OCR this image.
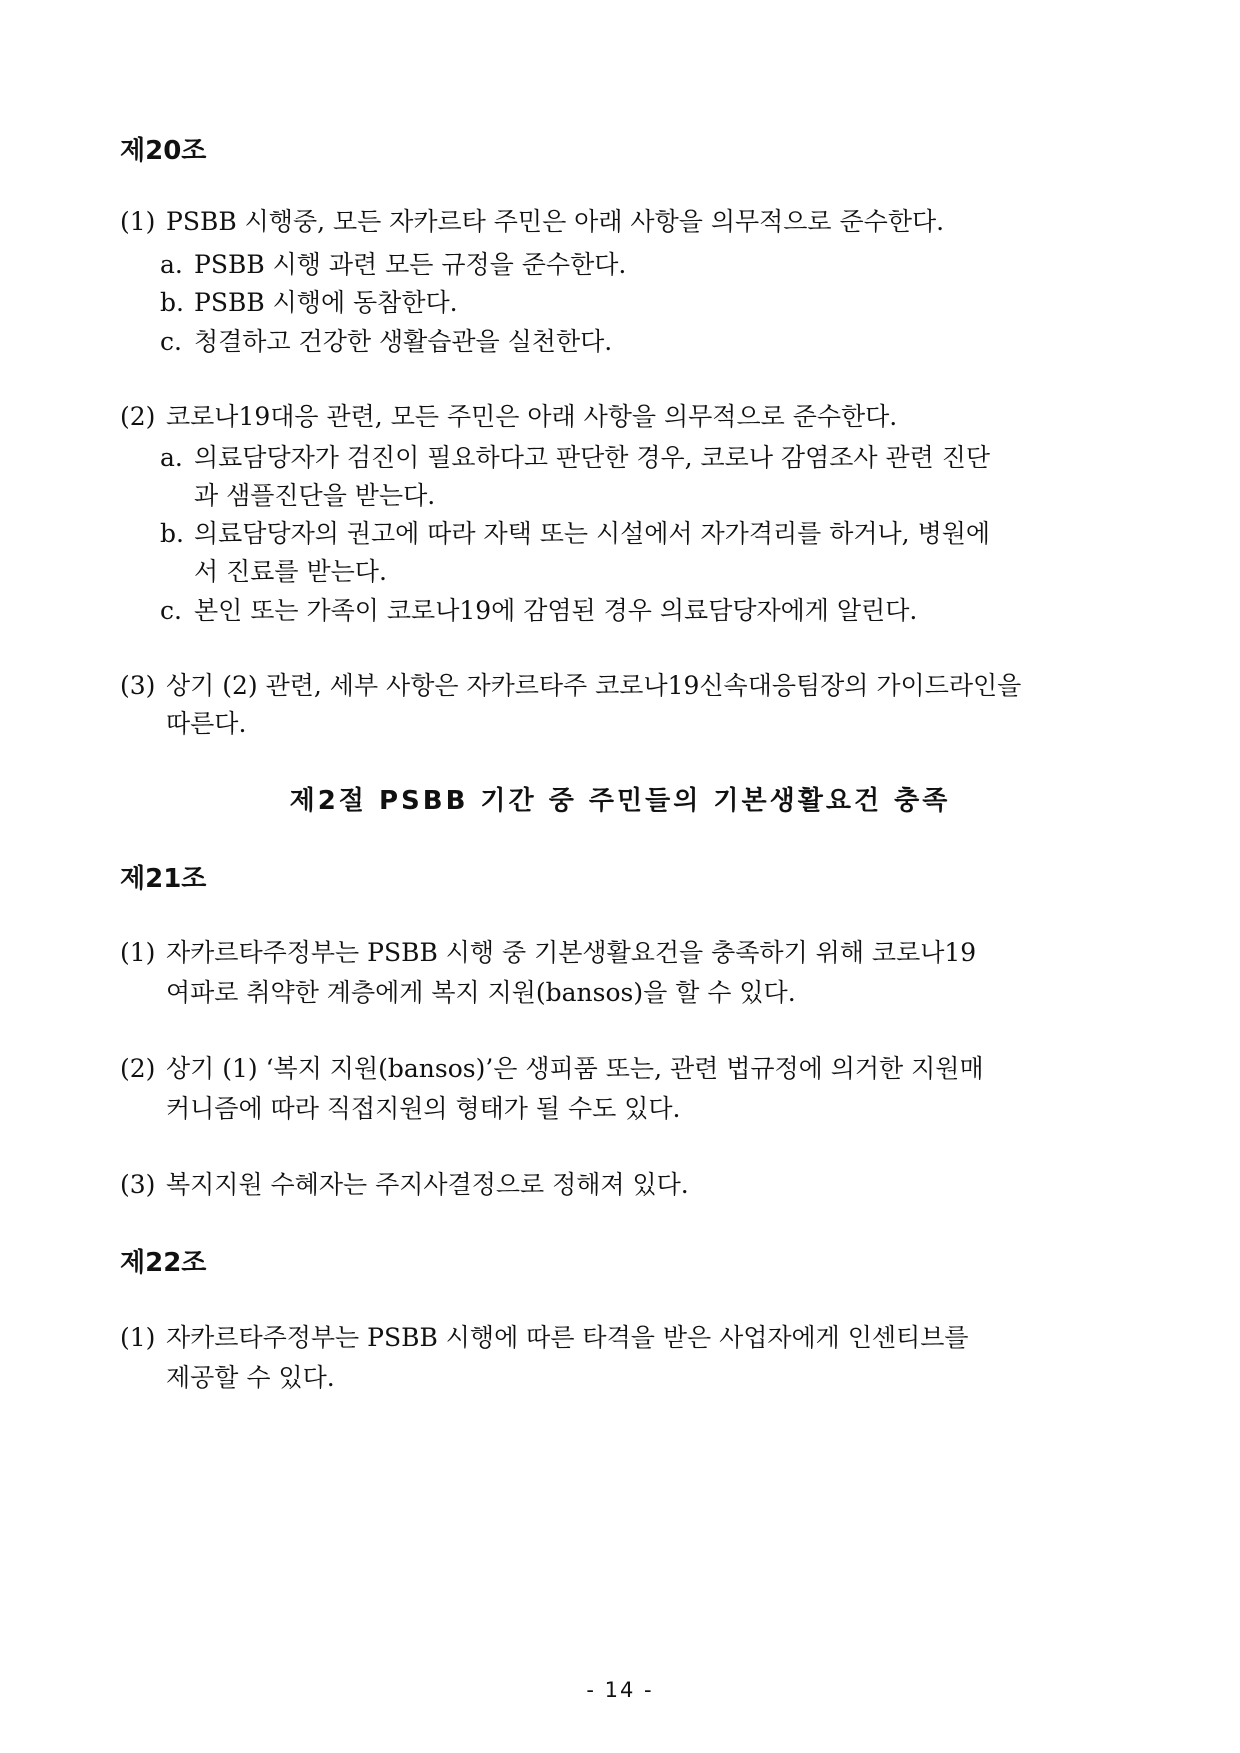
제20조

(1) PSBB 시행중, 모든 자카르타 주민은 아래 사항을 의무적으로 준수한다.

a. PSBB 시행 과련 모든 규정을 준수한다.

b. PSBB 시행에 동참한다.

c. 청결하고 건강한 생활습관을 실천한다.

(2) 코로나19대응 관련, 모든 주민은 아래 사항을 의무적으로 준수한다.

a. 의료담당자가 검진이 필요하다고 판단한 경우, 코로나 감염조사 관련 진단

과 샘플진단을 받는다.

b. 의료담당자의 권고에 따라 자택 또는 시설에서 자가격리를 하거나, 병원에

서 진료를 받는다.

c. 본인 또는 가족이 코로나19에 감염된 경우 의료담당자에게 알린다.

(3) 상기 (2) 관련, 세부 사항은 자카르타주 코로나19신속대응팀장의 가이드라인을

따른다.

제2절 PSBB 기간 중 주민들의 기본생활요건 충족
제21조

(1) 자카르타주정부는 PSBB 시행 중 기본생활요건을 충족하기 위해 코로나19

여파로 취약한 계층에게 복지 지원(bansos)을 할 수 있다.

(2) 상기 (1) ‘복지 지원(bansos)’은 생피품 또는, 관련 법규정에 의거한 지원매

커니즘에 따라 직접지원의 형태가 될 수도 있다.

(3) 복지지원 수혜자는 주지사결정으로 정해져 있다.

제22조

(1) 자카르타주정부는 PSBB 시행에 따른 타격을 받은 사업자에게 인센티브를

제공할 수 있다.

- 14 -
